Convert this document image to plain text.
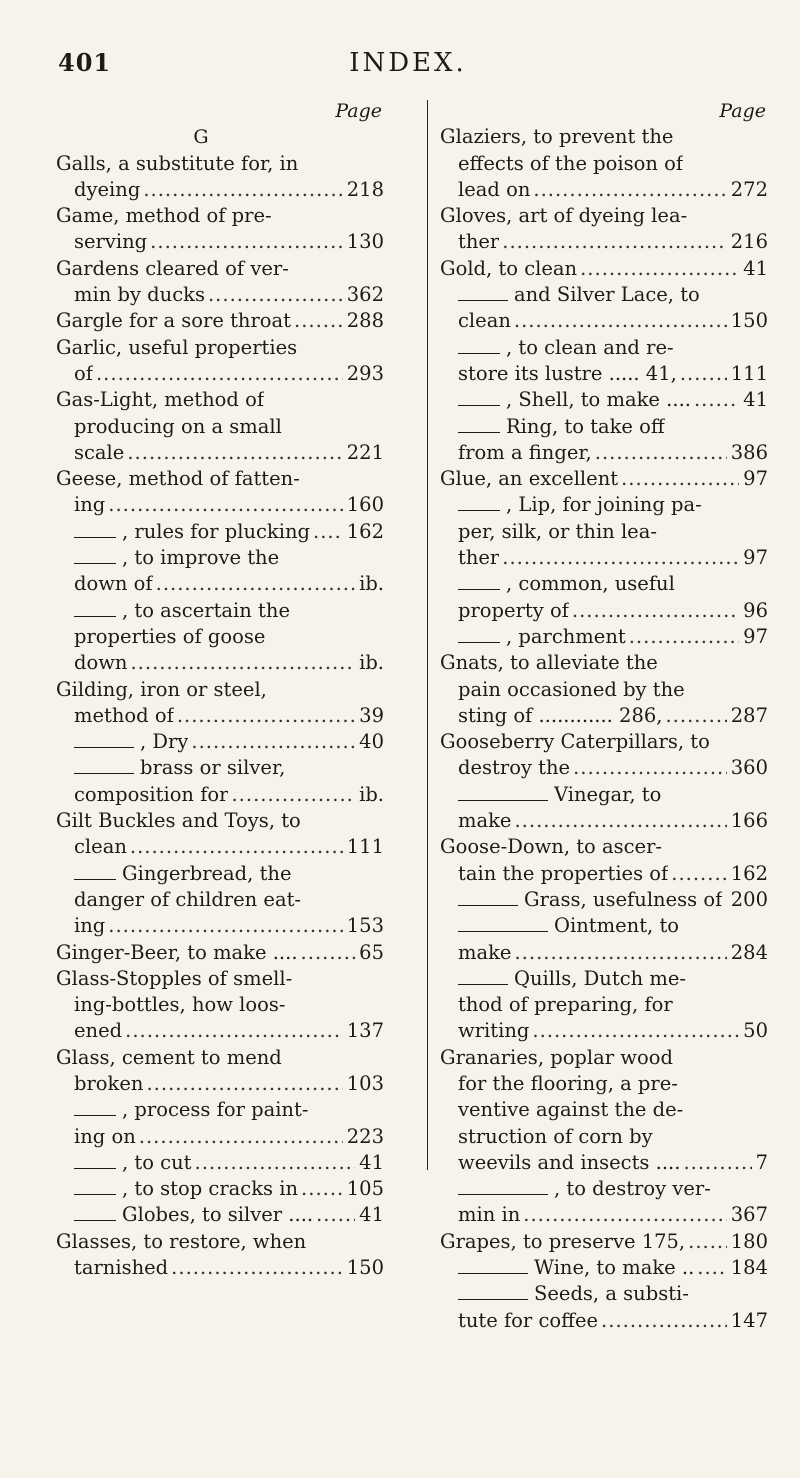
401	INDEX.
Page
G
Galls, a substitute for, in
dyeing .....	218
Game, method of pre-
serving .....	130
Gardens cleared of ver-
min by ducks .....	362
Gargle for a sore throat .....	288
Garlic, useful properties
of .....	293
Gas-Light, method of
producing on a small
scale .....	221
Geese, method of fatten-
ing .....	160
, rules for plucking ..... 162
, to improve the
down of .....	ib.
, to ascertain the
properties of goose
down .....	ib.
Gilding, iron or steel,
method of .....	39
, Dry .....	40
brass or silver,
composition for .....	ib.
Gilt Buckles and Toys, to
clean .....	111
Gingerbread, the
danger of children eat-
ing .....	153
Ginger-Beer, to make .... .....	65
Glass-Stopples of smell-
ing-bottles, how loos-
ened .....	137
Glass, cement to mend
broken .....	103
, process for paint-
ing on .....	223
, to cut .....	41
, to stop cracks in ..... 105
Globes, to silver .... ..... 41
Glasses, to restore, when
tarnished .....	150
Page
Glaziers, to prevent the
effects of the poison of
lead on .....	272
Gloves, art of dyeing lea-
ther .....	216
Gold, to clean .....	41
and Silver Lace, to
clean .....	150
, to clean and re-
store its lustre ..... 41, .....	111
, Shell, to make .... .....	41
Ring, to take off
from a finger, .....	386
Glue, an excellent .....	97
, Lip, for joining pa-
per, silk, or thin lea-
ther .....	97
, common, useful
property of .....	96
, parchment .....	97
Gnats, to alleviate the
pain occasioned by the
sting of ............ 286, .....	287
Gooseberry Caterpillars, to
destroy the .....	360
Vinegar, to
make .....	166
Goose-Down, to ascer-
tain the properties of .....	162
Grass, usefulness of ..... 200
Ointment, to
make .....	284
Quills, Dutch me-
thod of preparing, for
writing .....	50
Granaries, poplar wood
for the flooring, a pre-
ventive against the de-
struction of corn by
weevils and insects .... .....	7
, to destroy ver-
min in .....	367
Grapes, to preserve 175, ..... 180
Wine, to make .. ..... 184
Seeds, a substi-
tute for coffee .....	147
